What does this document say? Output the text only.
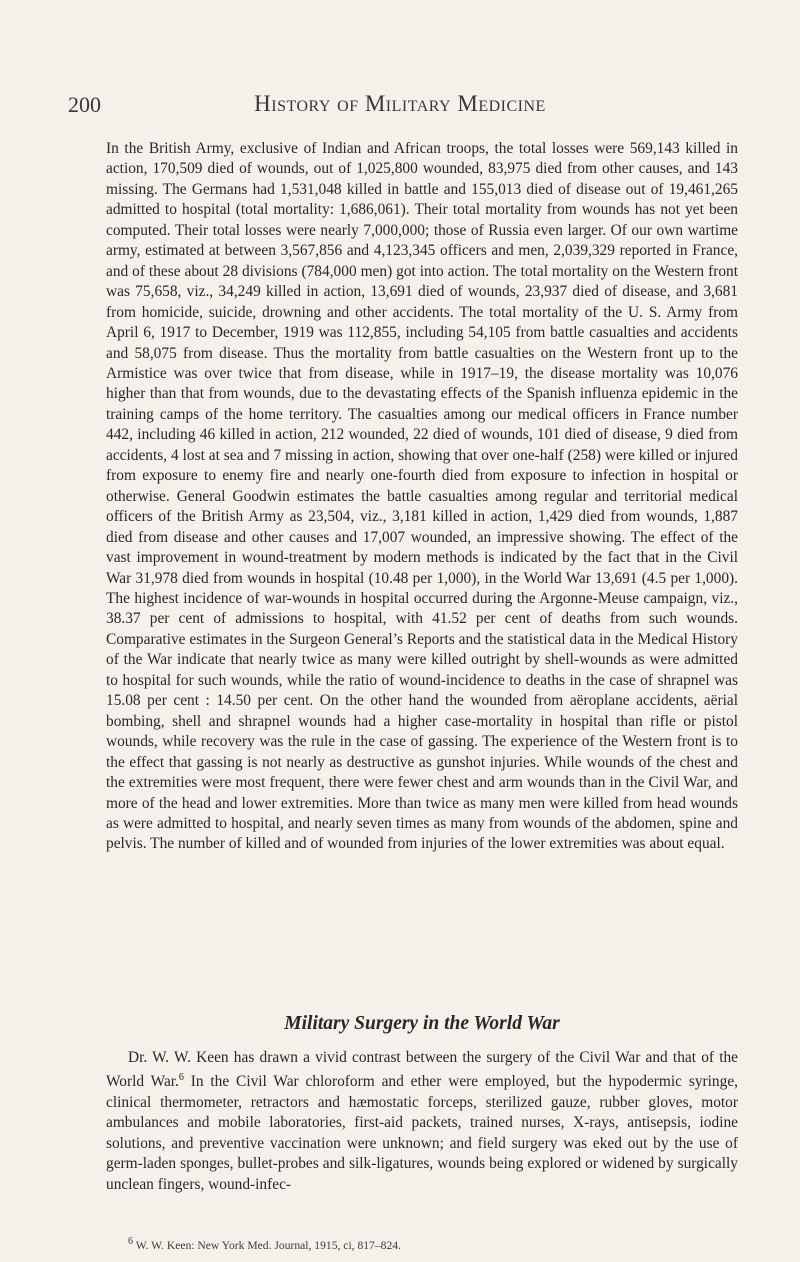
200	History of Military Medicine

In the British Army, exclusive of Indian and African troops, the total losses were 569,143 killed in action, 170,509 died of wounds, out of 1,025,800 wounded, 83,975 died from other causes, and 143 missing. The Germans had 1,531,048 killed in battle and 155,013 died of disease out of 19,461,265 admitted to hospital (total mortality: 1,686,061). Their total mortality from wounds has not yet been computed. Their total losses were nearly 7,000,000; those of Russia even larger. Of our own wartime army, estimated at between 3,567,856 and 4,123,345 officers and men, 2,039,329 reported in France, and of these about 28 divisions (784,000 men) got into action. The total mortality on the Western front was 75,658, viz., 34,249 killed in action, 13,691 died of wounds, 23,937 died of disease, and 3,681 from homicide, suicide, drowning and other accidents. The total mortality of the U. S. Army from April 6, 1917 to December, 1919 was 112,855, including 54,105 from battle casualties and accidents and 58,075 from disease. Thus the mortality from battle casualties on the Western front up to the Armistice was over twice that from disease, while in 1917–19, the disease mortality was 10,076 higher than that from wounds, due to the devastating effects of the Spanish influenza epidemic in the training camps of the home territory. The casualties among our medical officers in France number 442, including 46 killed in action, 212 wounded, 22 died of wounds, 101 died of disease, 9 died from accidents, 4 lost at sea and 7 missing in action, showing that over one-half (258) were killed or injured from exposure to enemy fire and nearly one-fourth died from exposure to infection in hospital or otherwise. General Goodwin estimates the battle casualties among regular and territorial medical officers of the British Army as 23,504, viz., 3,181 killed in action, 1,429 died from wounds, 1,887 died from disease and other causes and 17,007 wounded, an impressive showing. The effect of the vast improvement in wound-treatment by modern methods is indicated by the fact that in the Civil War 31,978 died from wounds in hospital (10.48 per 1,000), in the World War 13,691 (4.5 per 1,000). The highest incidence of war-wounds in hospital occurred during the Argonne-Meuse campaign, viz., 38.37 per cent of admissions to hospital, with 41.52 per cent of deaths from such wounds. Comparative estimates in the Surgeon General’s Reports and the statistical data in the Medical History of the War indicate that nearly twice as many were killed outright by shell-wounds as were admitted to hospital for such wounds, while the ratio of wound-incidence to deaths in the case of shrapnel was 15.08 per cent : 14.50 per cent. On the other hand the wounded from aëroplane accidents, aërial bombing, shell and shrapnel wounds had a higher case-mortality in hospital than rifle or pistol wounds, while recovery was the rule in the case of gassing. The experience of the Western front is to the effect that gassing is not nearly as destructive as gunshot injuries. While wounds of the chest and the extremities were most frequent, there were fewer chest and arm wounds than in the Civil War, and more of the head and lower extremities. More than twice as many men were killed from head wounds as were admitted to hospital, and nearly seven times as many from wounds of the abdomen, spine and pelvis. The number of killed and of wounded from injuries of the lower extremities was about equal.

Military Surgery in the World War

Dr. W. W. Keen has drawn a vivid contrast between the surgery of the Civil War and that of the World War.$^6$ In the Civil War chloroform and ether were employed, but the hypodermic syringe, clinical thermometer, retractors and hæmostatic forceps, sterilized gauze, rubber gloves, motor ambulances and mobile laboratories, first-aid packets, trained nurses, X-rays, antisepsis, iodine solutions, and preventive vaccination were unknown; and field surgery was eked out by the use of germ-laden sponges, bullet-probes and silk-ligatures, wounds being explored or widened by surgically unclean fingers, wound-infec-

$^6$ W. W. Keen: New York Med. Journal, 1915, ci, 817–824.
